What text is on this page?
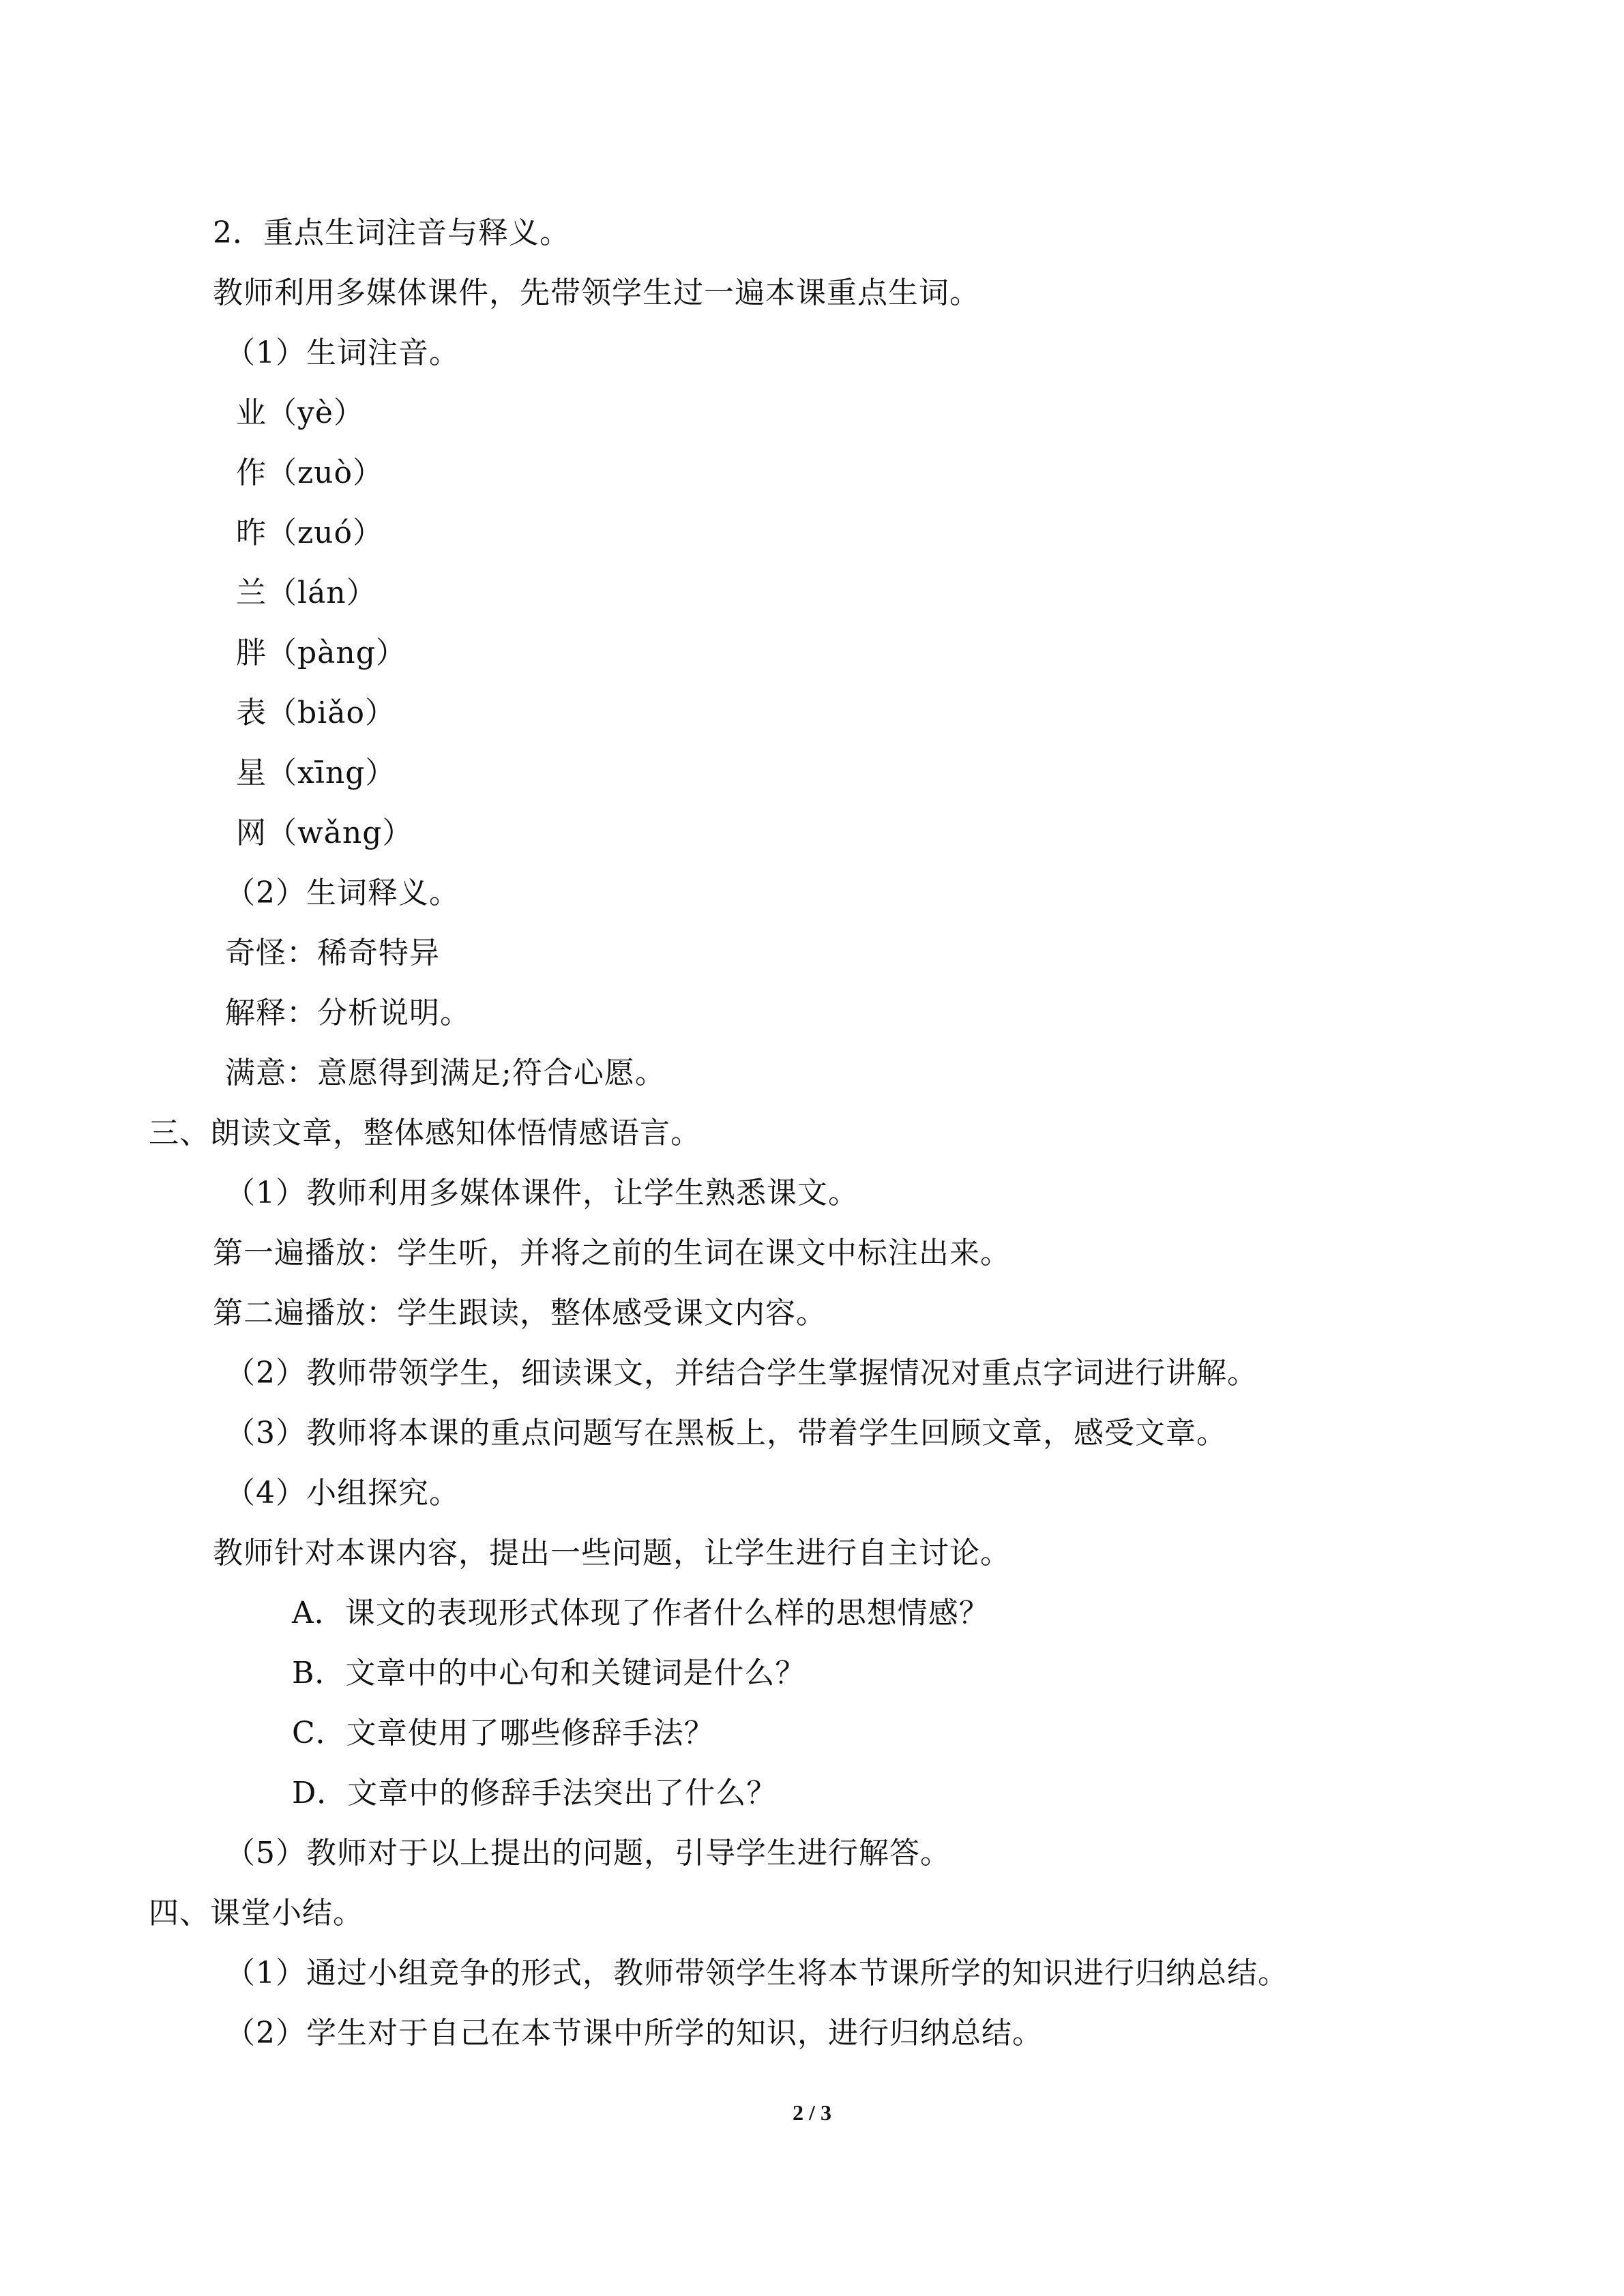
2．重点生词注音与释义。
教师利用多媒体课件，先带领学生过一遍本课重点生词。
（1）生词注音。
业（yè）
作（zuò）
昨（zuó）
兰（lán）
胖（pàng）
表（biǎo）
星（xīng）
网（wǎng）
（2）生词释义。
奇怪：稀奇特异
解释：分析说明。
满意：意愿得到满足;符合心愿。
三、朗读文章，整体感知体悟情感语言。
（1）教师利用多媒体课件，让学生熟悉课文。
第一遍播放：学生听，并将之前的生词在课文中标注出来。
第二遍播放：学生跟读，整体感受课文内容。
（2）教师带领学生，细读课文，并结合学生掌握情况对重点字词进行讲解。
（3）教师将本课的重点问题写在黑板上，带着学生回顾文章，感受文章。
（4）小组探究。
教师针对本课内容，提出一些问题，让学生进行自主讨论。
A．课文的表现形式体现了作者什么样的思想情感？
B．文章中的中心句和关键词是什么？
C．文章使用了哪些修辞手法？
D．文章中的修辞手法突出了什么？
（5）教师对于以上提出的问题，引导学生进行解答。
四、课堂小结。
（1）通过小组竞争的形式，教师带领学生将本节课所学的知识进行归纳总结。
（2）学生对于自己在本节课中所学的知识，进行归纳总结。
2 / 3
